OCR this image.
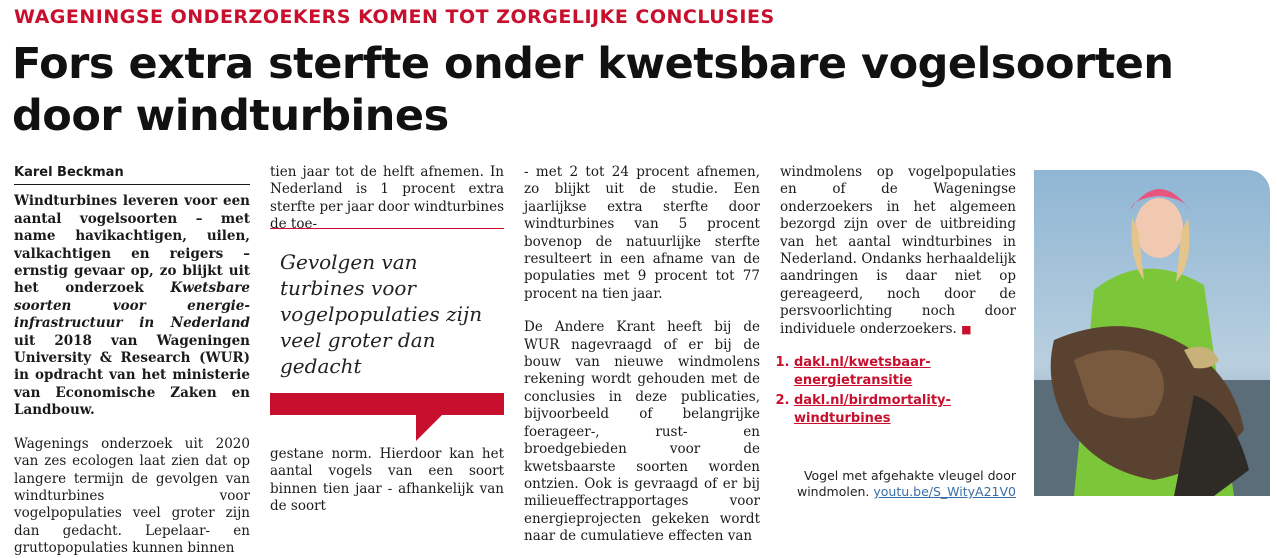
WAGENINGSE ONDERZOEKERS KOMEN TOT ZORGELIJKE CONCLUSIES
Fors extra sterfte onder kwetsbare vogelsoorten door windturbines
Karel Beckman

Windturbines leveren voor een aantal vogelsoorten – met name havikachtigen, uilen, valkachtigen en reigers – ernstig gevaar op, zo blijkt uit het onderzoek Kwetsbare soorten voor energie-infrastructuur in Nederland uit 2018 van Wageningen University & Research (WUR) in opdracht van het ministerie van Economische Zaken en Landbouw.

Wagenings onderzoek uit 2020 van zes ecologen laat zien dat op langere termijn de gevolgen van windturbines voor vogelpopulaties veel groter zijn dan gedacht. Lepelaar- en gruttopopulaties kunnen binnen

tien jaar tot de helft afnemen. In Nederland is 1 procent extra sterfte per jaar door windturbines de toe-

Gevolgen van turbines voor vogelpopulaties zijn veel groter dan gedacht

gestane norm. Hierdoor kan het aantal vogels van een soort binnen tien jaar - afhankelijk van de soort

- met 2 tot 24 procent afnemen, zo blijkt uit de studie. Een jaarlijkse extra sterfte door windturbines van 5 procent bovenop de natuurlijke sterfte resulteert in een afname van de populaties met 9 procent tot 77 procent na tien jaar.

De Andere Krant heeft bij de WUR nagevraagd of er bij de bouw van nieuwe windmolens rekening wordt gehouden met de conclusies in deze publicaties, bijvoorbeeld of belangrijke foerageer-, rust- en broedgebieden voor de kwetsbaarste soorten worden ontzien. Ook is gevraagd of er bij milieueffectrapportages voor energieprojecten gekeken wordt naar de cumulatieve effecten van

windmolens op vogelpopulaties en of de Wageningse onderzoekers in het algemeen bezorgd zijn over de uitbreiding van het aantal windturbines in Nederland. Ondanks herhaaldelijk aandringen is daar niet op gereageerd, noch door de persvoorlichting noch door individuele onderzoekers. ■

1. dakl.nl/kwetsbaar-energietransitie
2. dakl.nl/birdmortality-windturbines
Vogel met afgehakte vleugel door windmolen. youtu.be/S_WityA21V0
